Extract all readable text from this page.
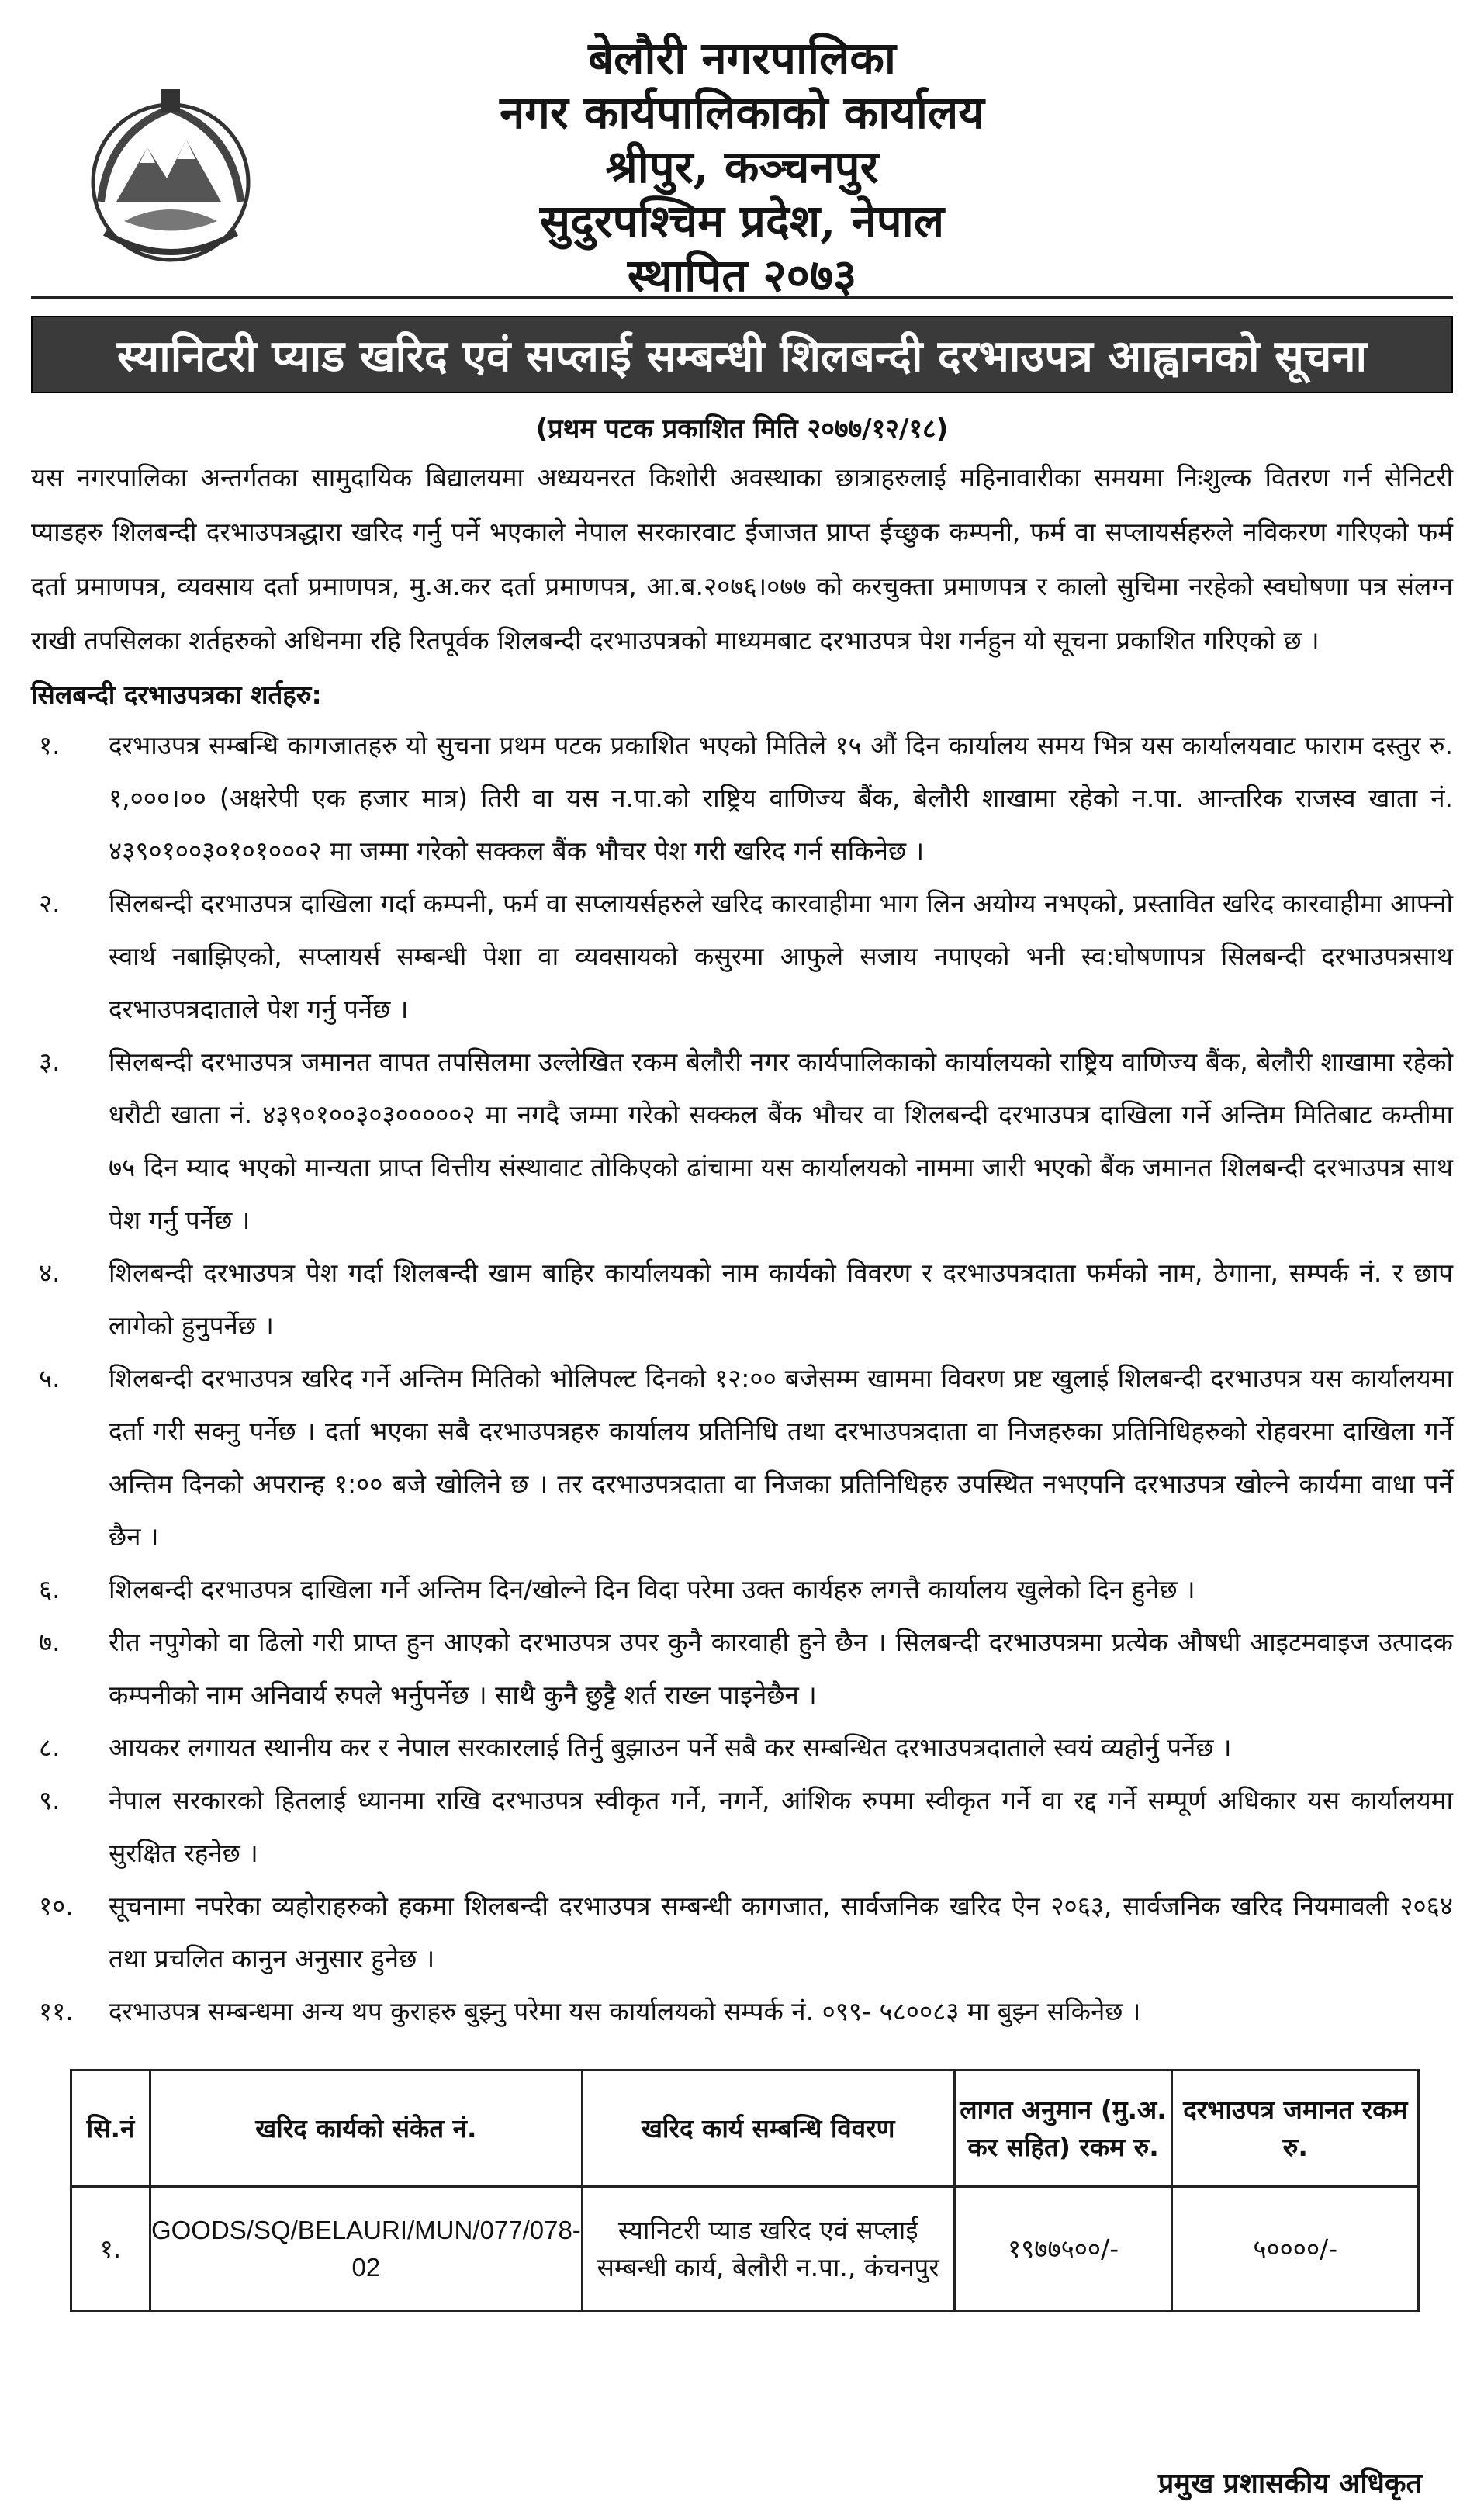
बेलौरी नगरपालिका
नगर कार्यपालिकाको कार्यालय
श्रीपुर, कञ्चनपुर
सुदुरपश्चिम प्रदेश, नेपाल
स्थापित २०७३
स्यानिटरी प्याड खरिद एवं सप्लाई सम्बन्धी शिलबन्दी दरभाउपत्र आह्वानको सूचना
(प्रथम पटक प्रकाशित मिति २०७७/१२/१८)

यस नगरपालिका अन्तर्गतका सामुदायिक बिद्यालयमा अध्ययनरत किशोरी अवस्थाका छात्राहरुलाई महिनावारीका समयमा निःशुल्क वितरण गर्न सेनिटरी प्याडहरु शिलबन्दी दरभाउपत्रद्धारा खरिद गर्नु पर्ने भएकाले नेपाल सरकारवाट ईजाजत प्राप्त ईच्छुक कम्पनी, फर्म वा सप्लायर्सहरुले नविकरण गरिएको फर्म दर्ता प्रमाणपत्र, व्यवसाय दर्ता प्रमाणपत्र, मु.अ.कर दर्ता प्रमाणपत्र, आ.ब.२०७६।०७७ को करचुक्ता प्रमाणपत्र र कालो सुचिमा नरहेको स्वघोषणा पत्र संलग्न राखी तपसिलका शर्तहरुको अधिनमा रहि रितपूर्वक शिलबन्दी दरभाउपत्रको माध्यमबाट दरभाउपत्र पेश गर्नहुन यो सूचना प्रकाशित गरिएको छ ।

सिलबन्दी दरभाउपत्रका शर्तहरु:
१.	दरभाउपत्र सम्बन्धि कागजातहरु यो सुचना प्रथम पटक प्रकाशित भएको मितिले १५ औं दिन कार्यालय समय भित्र यस कार्यालयवाट फाराम दस्तुर रु. १,०००।०० (अक्षरेपी एक हजार मात्र) तिरी वा यस न.पा.को राष्ट्रिय वाणिज्य बैंक, बेलौरी शाखामा रहेको न.पा. आन्तरिक राजस्व खाता नं. ४३९०१००३०१०१०००२ मा जम्मा गरेको सक्कल बैंक भौचर पेश गरी खरिद गर्न सकिनेछ ।
२.	सिलबन्दी दरभाउपत्र दाखिला गर्दा कम्पनी, फर्म वा सप्लायर्सहरुले खरिद कारवाहीमा भाग लिन अयोग्य नभएको, प्रस्तावित खरिद कारवाहीमा आफ्नो स्वार्थ नबाझिएको, सप्लायर्स सम्बन्धी पेशा वा व्यवसायको कसुरमा आफुले सजाय नपाएको भनी स्व:घोषणापत्र सिलबन्दी दरभाउपत्रसाथ दरभाउपत्रदाताले पेश गर्नु पर्नेछ ।
३.	सिलबन्दी दरभाउपत्र जमानत वापत तपसिलमा उल्लेखित रकम बेलौरी नगर कार्यपालिकाको कार्यालयको राष्ट्रिय वाणिज्य बैंक, बेलौरी शाखामा रहेको धरौटी खाता नं. ४३९०१००३०३०००००२ मा नगदै जम्मा गरेको सक्कल बैंक भौचर वा शिलबन्दी दरभाउपत्र दाखिला गर्ने अन्तिम मितिबाट कम्तीमा ७५ दिन म्याद भएको मान्यता प्राप्त वित्तीय संस्थावाट तोकिएको ढांचामा यस कार्यालयको नाममा जारी भएको बैंक जमानत शिलबन्दी दरभाउपत्र साथ पेश गर्नु पर्नेछ ।
४.	शिलबन्दी दरभाउपत्र पेश गर्दा शिलबन्दी खाम बाहिर कार्यालयको नाम कार्यको विवरण र दरभाउपत्रदाता फर्मको नाम, ठेगाना, सम्पर्क नं. र छाप लागेको हुनुपर्नेछ ।
५.	शिलबन्दी दरभाउपत्र खरिद गर्ने अन्तिम मितिको भोलिपल्ट दिनको १२:०० बजेसम्म खाममा विवरण प्रष्ट खुलाई शिलबन्दी दरभाउपत्र यस कार्यालयमा दर्ता गरी सक्नु पर्नेछ । दर्ता भएका सबै दरभाउपत्रहरु कार्यालय प्रतिनिधि तथा दरभाउपत्रदाता वा निजहरुका प्रतिनिधिहरुको रोहवरमा दाखिला गर्ने अन्तिम दिनको अपरान्ह १:०० बजे खोलिने छ । तर दरभाउपत्रदाता वा निजका प्रतिनिधिहरु उपस्थित नभएपनि दरभाउपत्र खोल्ने कार्यमा वाधा पर्ने छैन ।
६.	शिलबन्दी दरभाउपत्र दाखिला गर्ने अन्तिम दिन/खोल्ने दिन विदा परेमा उक्त कार्यहरु लगत्तै कार्यालय खुलेको दिन हुनेछ ।
७.	रीत नपुगेको वा ढिलो गरी प्राप्त हुन आएको दरभाउपत्र उपर कुनै कारवाही हुने छैन । सिलबन्दी दरभाउपत्रमा प्रत्येक औषधी आइटमवाइज उत्पादक कम्पनीको नाम अनिवार्य रुपले भर्नुपर्नेछ । साथै कुनै छुट्टै शर्त राख्न पाइनेछैन ।
८.	आयकर लगायत स्थानीय कर र नेपाल सरकारलाई तिर्नु बुझाउन पर्ने सबै कर सम्बन्धित दरभाउपत्रदाताले स्वयं व्यहोर्नु पर्नेछ ।
९.	नेपाल सरकारको हितलाई ध्यानमा राखि दरभाउपत्र स्वीकृत गर्ने, नगर्ने, आंशिक रुपमा स्वीकृत गर्ने वा रद्द गर्ने सम्पूर्ण अधिकार यस कार्यालयमा सुरक्षित रहनेछ ।
१०.	सूचनामा नपरेका व्यहोराहरुको हकमा शिलबन्दी दरभाउपत्र सम्बन्धी कागजात, सार्वजनिक खरिद ऐन २०६३, सार्वजनिक खरिद नियमावली २०६४ तथा प्रचलित कानुन अनुसार हुनेछ ।
११.	दरभाउपत्र सम्बन्धमा अन्य थप कुराहरु बुझ्नु परेमा यस कार्यालयको सम्पर्क नं. ०९९- ५८००८३ मा बुझ्न सकिनेछ ।
सि.नं	खरिद कार्यको संकेत नं.	खरिद कार्य सम्बन्धि विवरण	लागत अनुमान (मु.अ. कर सहित) रकम रु.	दरभाउपत्र जमानत रकम रु.
१.	GOODS/SQ/BELAURI/MUN/077/078-02	स्यानिटरी प्याड खरिद एवं सप्लाई सम्बन्धी कार्य, बेलौरी न.पा., कंचनपुर	१९७७५००/-	५००००/-
प्रमुख प्रशासकीय अधिकृत
